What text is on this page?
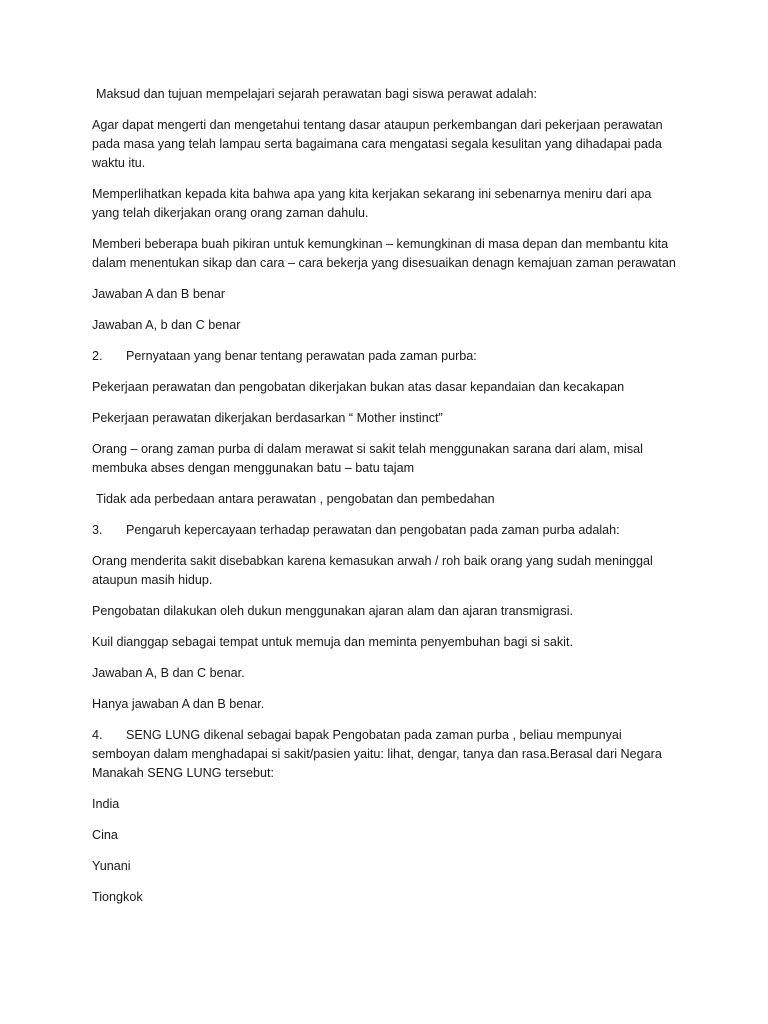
Maksud dan tujuan mempelajari sejarah perawatan bagi siswa perawat adalah:

Agar dapat mengerti dan mengetahui tentang dasar ataupun perkembangan dari pekerjaan perawatan pada masa yang telah lampau serta bagaimana cara mengatasi segala kesulitan yang dihadapai pada waktu itu.

Memperlihatkan kepada kita bahwa apa yang kita kerjakan sekarang ini sebenarnya meniru dari apa yang telah dikerjakan orang orang zaman dahulu.

Memberi beberapa buah pikiran untuk kemungkinan – kemungkinan di masa depan dan membantu kita dalam menentukan sikap dan cara – cara bekerja yang disesuaikan denagn kemajuan zaman perawatan

Jawaban A dan B benar

Jawaban A, b dan C benar

2.	Pernyataan yang benar tentang perawatan pada zaman purba:

Pekerjaan perawatan dan pengobatan dikerjakan bukan atas dasar kepandaian dan kecakapan

Pekerjaan perawatan dikerjakan berdasarkan “ Mother instinct”

Orang – orang zaman purba di dalam merawat si sakit telah menggunakan sarana dari alam, misal membuka abses dengan menggunakan batu – batu tajam

Tidak ada perbedaan antara perawatan , pengobatan dan pembedahan

3.	Pengaruh kepercayaan terhadap perawatan dan pengobatan pada zaman purba adalah:

Orang menderita sakit disebabkan karena kemasukan arwah / roh baik orang yang sudah meninggal ataupun masih hidup.

Pengobatan dilakukan oleh dukun menggunakan ajaran alam dan ajaran transmigrasi.

Kuil dianggap sebagai tempat untuk memuja dan meminta penyembuhan bagi si sakit.

Jawaban A, B dan C benar.

Hanya jawaban A dan B benar.

4. SENG LUNG dikenal sebagai bapak Pengobatan pada zaman purba , beliau mempunyai semboyan dalam menghadapai si sakit/pasien yaitu: lihat, dengar, tanya dan rasa.Berasal dari Negara Manakah SENG LUNG tersebut:

India

Cina

Yunani

Tiongkok
